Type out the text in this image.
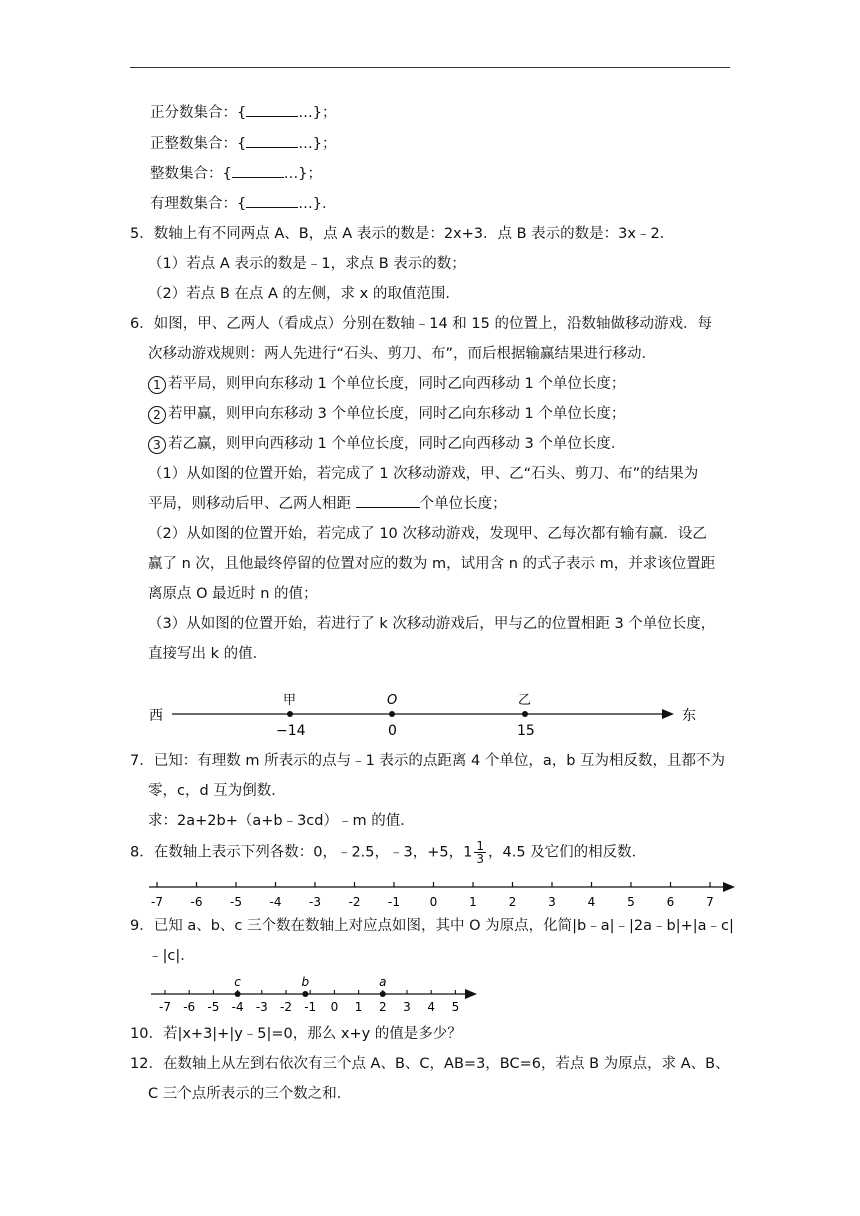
正分数集合：{	…}；
正整数集合：{	…}；
整数集合：{	…}；
有理数集合：{	…}．
5．数轴上有不同两点 A、B，点 A 表示的数是：2x+3．点 B 表示的数是：3x﹣2．
（1）若点 A 表示的数是﹣1，求点 B 表示的数；
（2）若点 B 在点 A 的左侧，求 x 的取值范围．
6．如图，甲、乙两人（看成点）分别在数轴﹣14 和 15 的位置上，沿数轴做移动游戏．每
次移动游戏规则：两人先进行“石头、剪刀、布”，而后根据输赢结果进行移动．
1 若平局，则甲向东移动 1 个单位长度，同时乙向西移动 1 个单位长度；
2 若甲赢，则甲向东移动 3 个单位长度，同时乙向东移动 1 个单位长度；
3 若乙赢，则甲向西移动 1 个单位长度，同时乙向西移动 3 个单位长度．
（1）从如图的位置开始，若完成了 1 次移动游戏，甲、乙“石头、剪刀、布”的结果为
平局，则移动后甲、乙两人相距	个单位长度；
（2）从如图的位置开始，若完成了 10 次移动游戏，发现甲、乙每次都有输有赢．设乙
赢了 n 次，且他最终停留的位置对应的数为 m，试用含 n 的式子表示 m，并求该位置距
离原点 O 最近时 n 的值；
（3）从如图的位置开始，若进行了 k 次移动游戏后，甲与乙的位置相距 3 个单位长度，
直接写出 k 的值．
西	东
甲
−14
O
0
乙
15
7．已知：有理数 m 所表示的点与﹣1 表示的点距离 4 个单位，a，b 互为相反数，且都不为
零，c，d 互为倒数．
求：2a+2b+（a+b﹣3cd）﹣m 的值．
8．在数轴上表示下列各数：0，﹣2.5，﹣3，+5，$1 \frac{1}{3}$ ，4.5 及它们的相反数．
-7 -6 -5 -4 -3 -2 -1 0	1	2	3	4	5	6	7
9．已知 a、b、c 三个数在数轴上对应点如图，其中 O 为原点，化简|b﹣a|﹣|2a﹣b|+|a﹣c|
﹣|c|．
-7 -6 -5 -4 -3 -2 -1 0 1 2 3 4 5
c	b	a
10．若|x+3|+|y﹣5|=0，那么 x+y 的值是多少？
12．在数轴上从左到右依次有三个点 A、B、C，AB=3，BC=6，若点 B 为原点，求 A、B、
C 三个点所表示的三个数之和．
